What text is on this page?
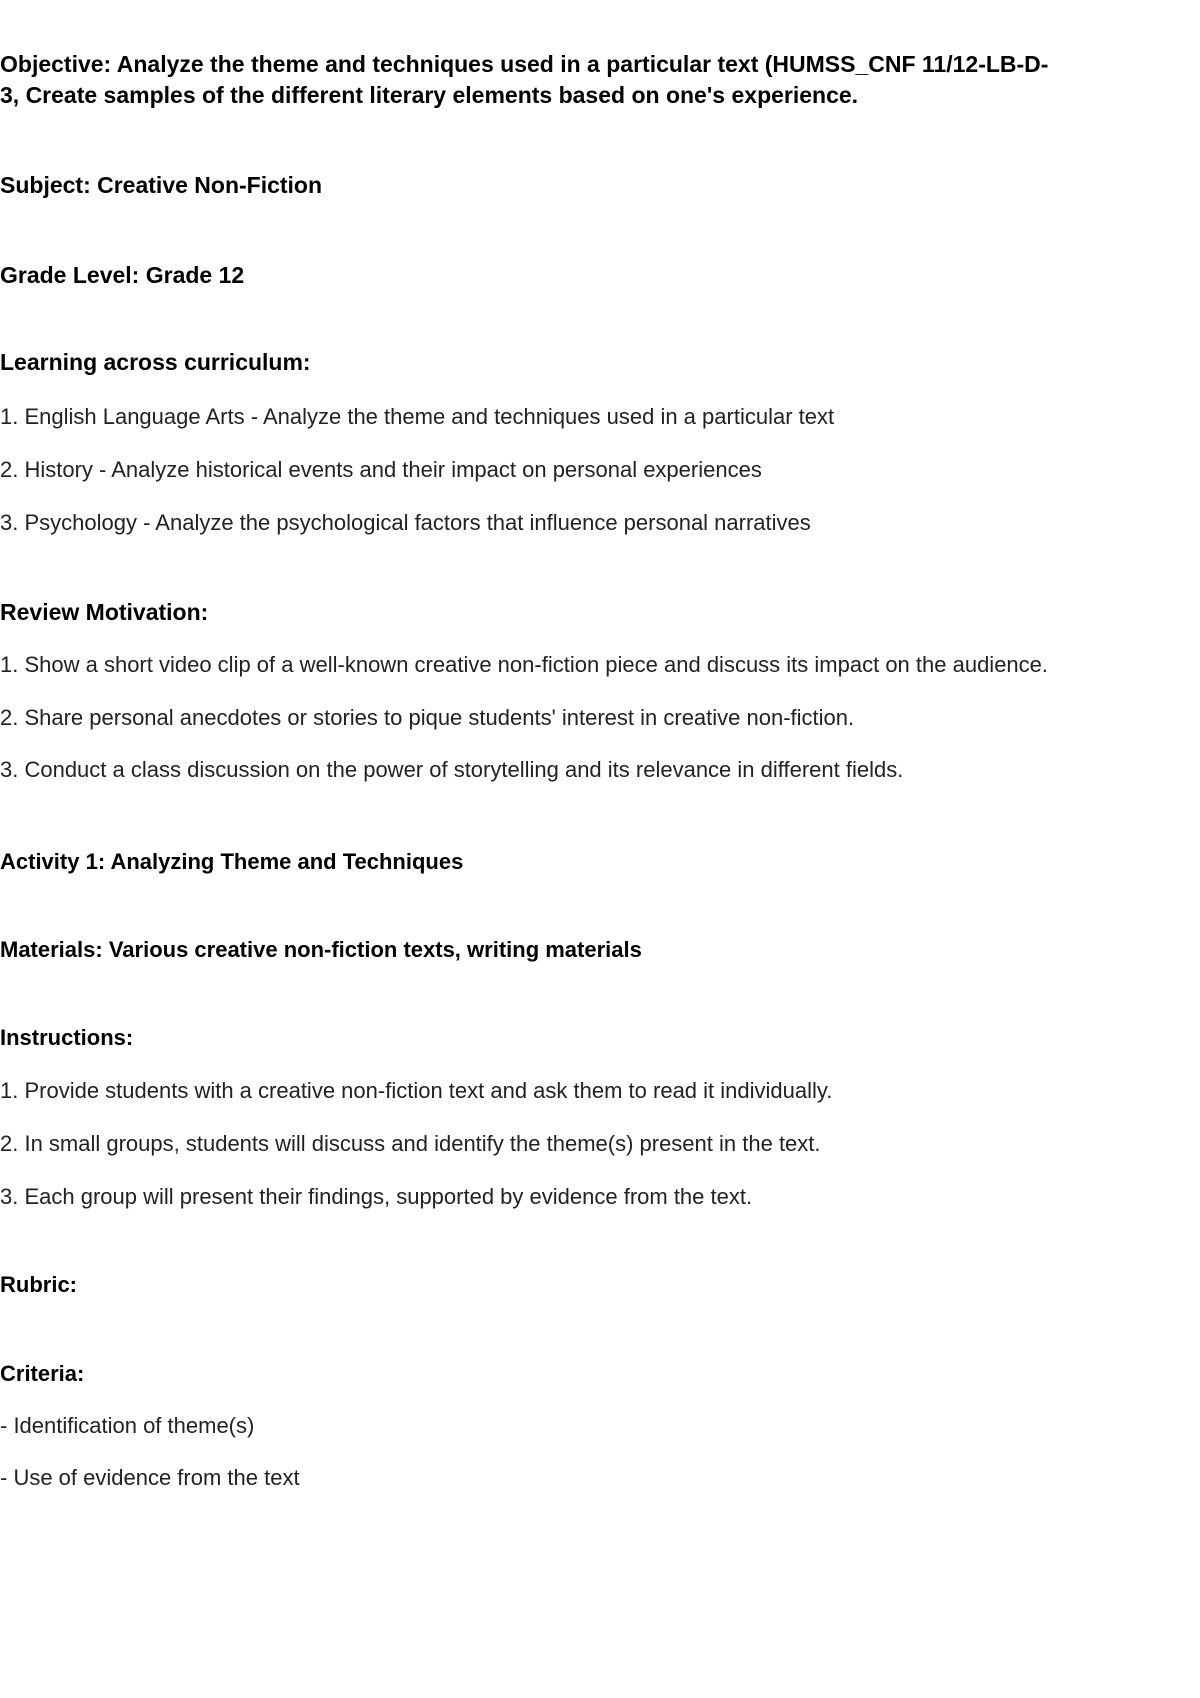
Objective: Analyze the theme and techniques used in a particular text (HUMSS_CNF 11/12-LB-D-
3, Create samples of the different literary elements based on one's experience.
Subject: Creative Non-Fiction
Grade Level: Grade 12
Learning across curriculum:
1. English Language Arts - Analyze the theme and techniques used in a particular text
2. History - Analyze historical events and their impact on personal experiences
3. Psychology - Analyze the psychological factors that influence personal narratives
Review Motivation:
1. Show a short video clip of a well-known creative non-fiction piece and discuss its impact on the audience.
2. Share personal anecdotes or stories to pique students' interest in creative non-fiction.
3. Conduct a class discussion on the power of storytelling and its relevance in different fields.
Activity 1: Analyzing Theme and Techniques
Materials: Various creative non-fiction texts, writing materials
Instructions:
1. Provide students with a creative non-fiction text and ask them to read it individually.
2. In small groups, students will discuss and identify the theme(s) present in the text.
3. Each group will present their findings, supported by evidence from the text.
Rubric:
Criteria:
- Identification of theme(s)
- Use of evidence from the text
